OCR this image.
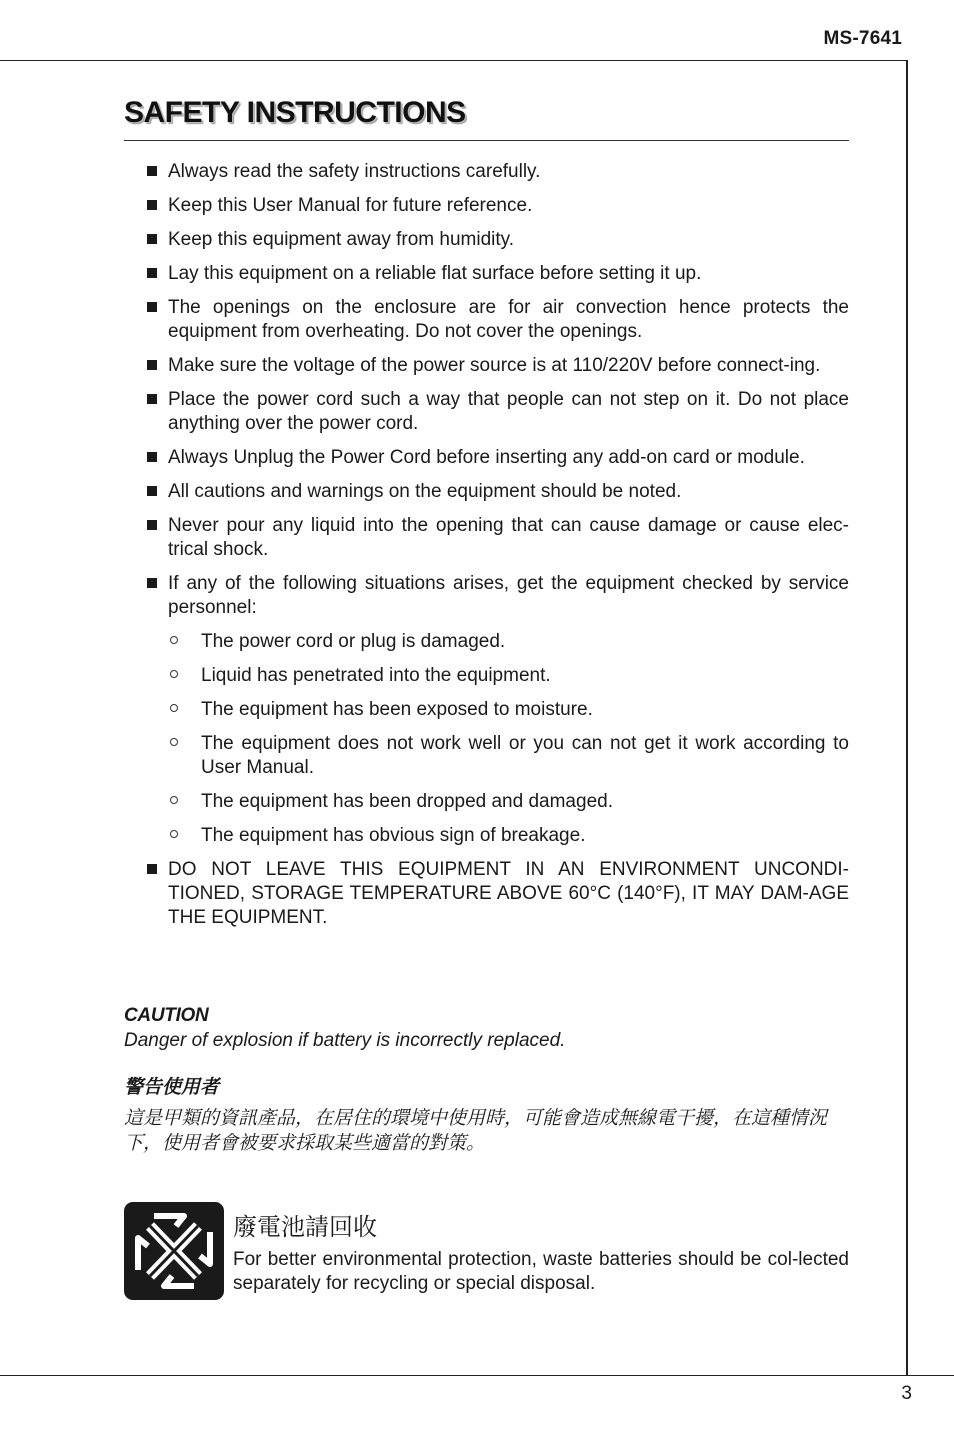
MS-7641
SAFETY INSTRUCTIONS
Always read the safety instructions carefully.
Keep this User Manual for future reference.
Keep this equipment away from humidity.
Lay this equipment on a reliable flat surface before setting it up.
The openings on the enclosure are for air convection hence protects the equipment from overheating. Do not cover the openings.
Make sure the voltage of the power source is at 110/220V before connect-ing.
Place the power cord such a way that people can not step on it. Do not place anything over the power cord.
Always Unplug the Power Cord before inserting any add-on card or module.
All cautions and warnings on the equipment should be noted.
Never pour any liquid into the opening that can cause damage or cause elec-trical shock.
If any of the following situations arises, get the equipment checked by service personnel:
The power cord or plug is damaged.
Liquid has penetrated into the equipment.
The equipment has been exposed to moisture.
The equipment does not work well or you can not get it work according to User Manual.
The equipment has been dropped and damaged.
The equipment has obvious sign of breakage.
DO NOT LEAVE THIS EQUIPMENT IN AN ENVIRONMENT UNCONDI-TIONED, STORAGE TEMPERATURE ABOVE 60°C (140°F), IT MAY DAM-AGE THE EQUIPMENT.
CAUTION
Danger of explosion if battery is incorrectly replaced.
警告使用者
這是甲類的資訊產品，在居住的環境中使用時，可能會造成無線電干擾，在這種情況下，使用者會被要求採取某些適當的對策。
廢電池請回收
For better environmental protection, waste batteries should be col-lected separately for recycling or special disposal.
3
